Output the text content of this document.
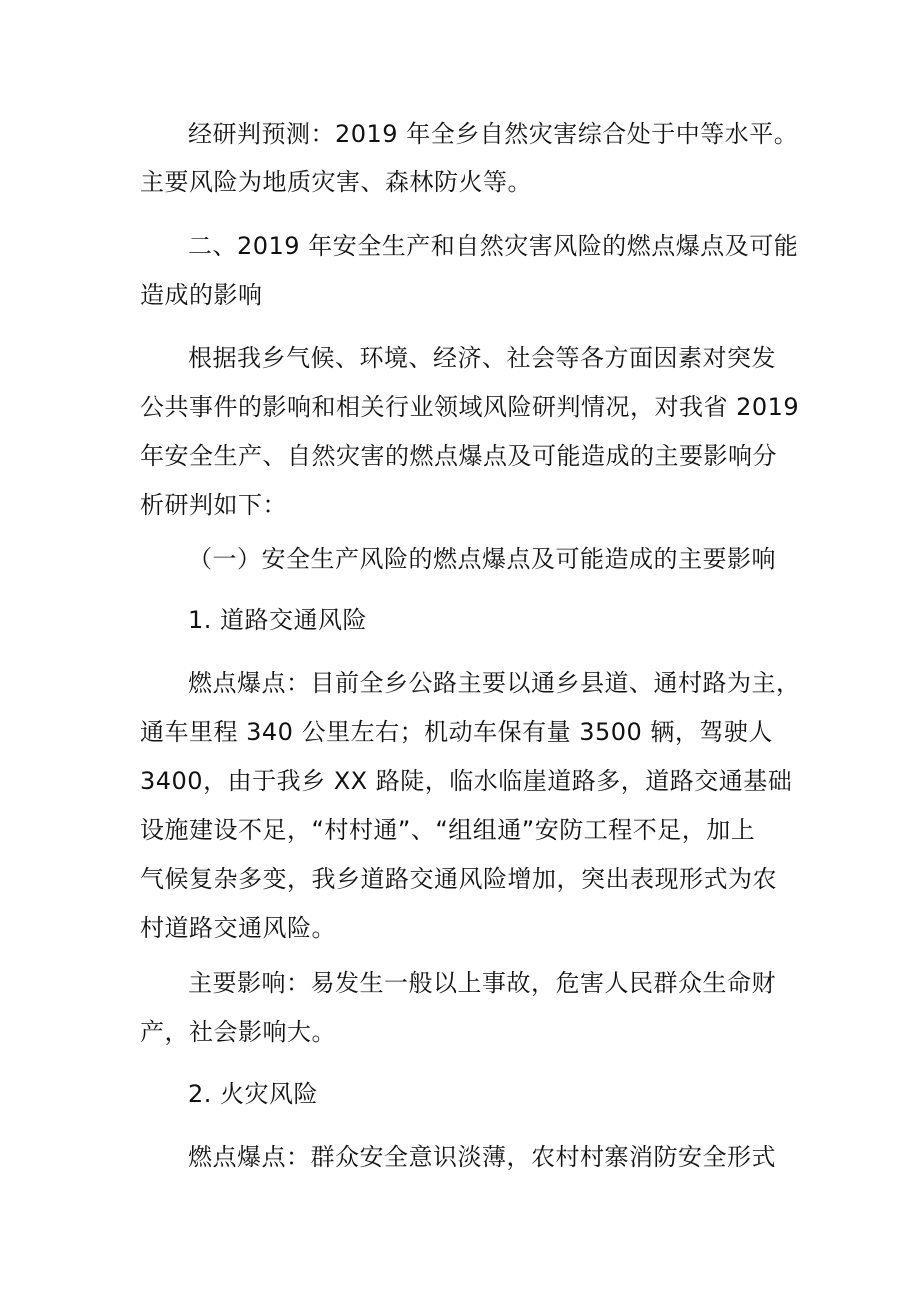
经研判预测：2019 年全乡自然灾害综合处于中等水平。

主要风险为地质灾害、森林防火等。

二、2019 年安全生产和自然灾害风险的燃点爆点及可能

造成的影响

根据我乡气候、环境、经济、社会等各方面因素对突发

公共事件的影响和相关行业领域风险研判情况，对我省 2019

年安全生产、自然灾害的燃点爆点及可能造成的主要影响分

析研判如下：

（一）安全生产风险的燃点爆点及可能造成的主要影响

1. 道路交通风险

燃点爆点：目前全乡公路主要以通乡县道、通村路为主，

通车里程 340 公里左右；机动车保有量 3500 辆，驾驶人

3400，由于我乡 XX 路陡，临水临崖道路多，道路交通基础

设施建设不足，“村村通”、“组组通”安防工程不足，加上

气候复杂多变，我乡道路交通风险增加，突出表现形式为农

村道路交通风险。

主要影响：易发生一般以上事故，危害人民群众生命财

产，社会影响大。

2. 火灾风险

燃点爆点：群众安全意识淡薄，农村村寨消防安全形式
